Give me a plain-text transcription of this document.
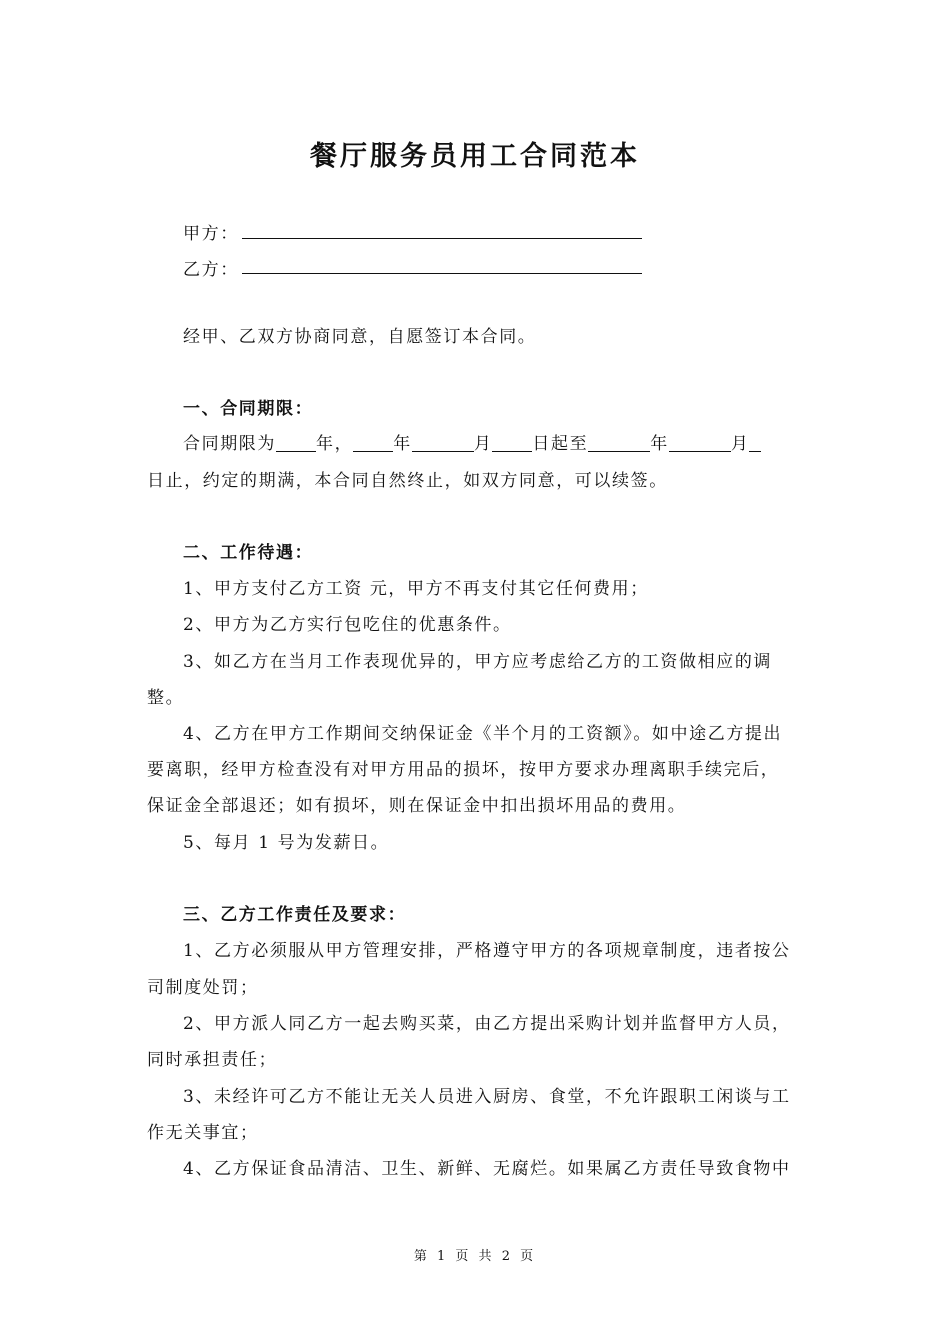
餐厅服务员用工合同范本
甲方：
乙方：
经甲、乙双方协商同意，自愿签订本合同。
一、合同期限：
合同期限为 年， 年	月 日起至	年	月
日止，约定的期满，本合同自然终止，如双方同意，可以续签。
二、工作待遇：
1、甲方支付乙方工资 元，甲方不再支付其它任何费用；
2、甲方为乙方实行包吃住的优惠条件。
3、如乙方在当月工作表现优异的，甲方应考虑给乙方的工资做相应的调
整。
4、乙方在甲方工作期间交纳保证金《半个月的工资额》。如中途乙方提出
要离职，经甲方检查没有对甲方用品的损坏，按甲方要求办理离职手续完后，
保证金全部退还；如有损坏，则在保证金中扣出损坏用品的费用。
5、每月 1 号为发薪日。
三、乙方工作责任及要求：
1、乙方必须服从甲方管理安排，严格遵守甲方的各项规章制度，违者按公
司制度处罚；
2、甲方派人同乙方一起去购买菜，由乙方提出采购计划并监督甲方人员，
同时承担责任；
3、未经许可乙方不能让无关人员进入厨房、食堂，不允许跟职工闲谈与工
作无关事宜；
4、乙方保证食品清洁、卫生、新鲜、无腐烂。如果属乙方责任导致食物中
第 1 页 共 2 页
